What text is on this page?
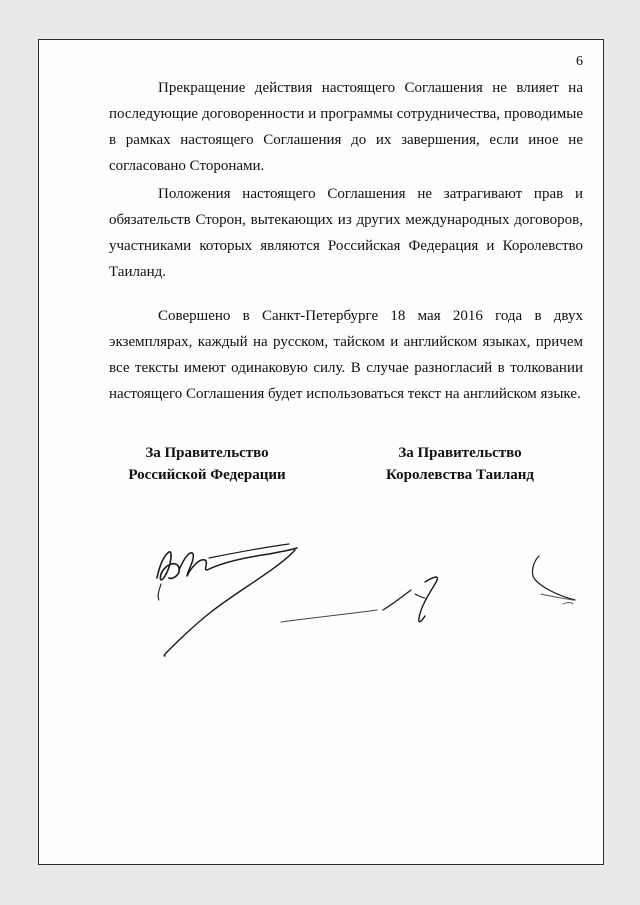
6

Прекращение действия настоящего Соглашения не влияет на последующие договоренности и программы сотрудничества, проводимые в рамках настоящего Соглашения до их завершения, если иное не согласовано Сторонами.

Положения настоящего Соглашения не затрагивают прав и обязательств Сторон, вытекающих из других международных договоров, участниками которых являются Российская Федерация и Королевство Таиланд.

Совершено в Санкт-Петербурге 18 мая 2016 года в двух экземплярах, каждый на русском, тайском и английском языках, причем все тексты имеют одинаковую силу. В случае разногласий в толковании настоящего Соглашения будет использоваться текст на английском языке.

За Правительство
Российской Федерации
За Правительство
Королевства Таиланд
